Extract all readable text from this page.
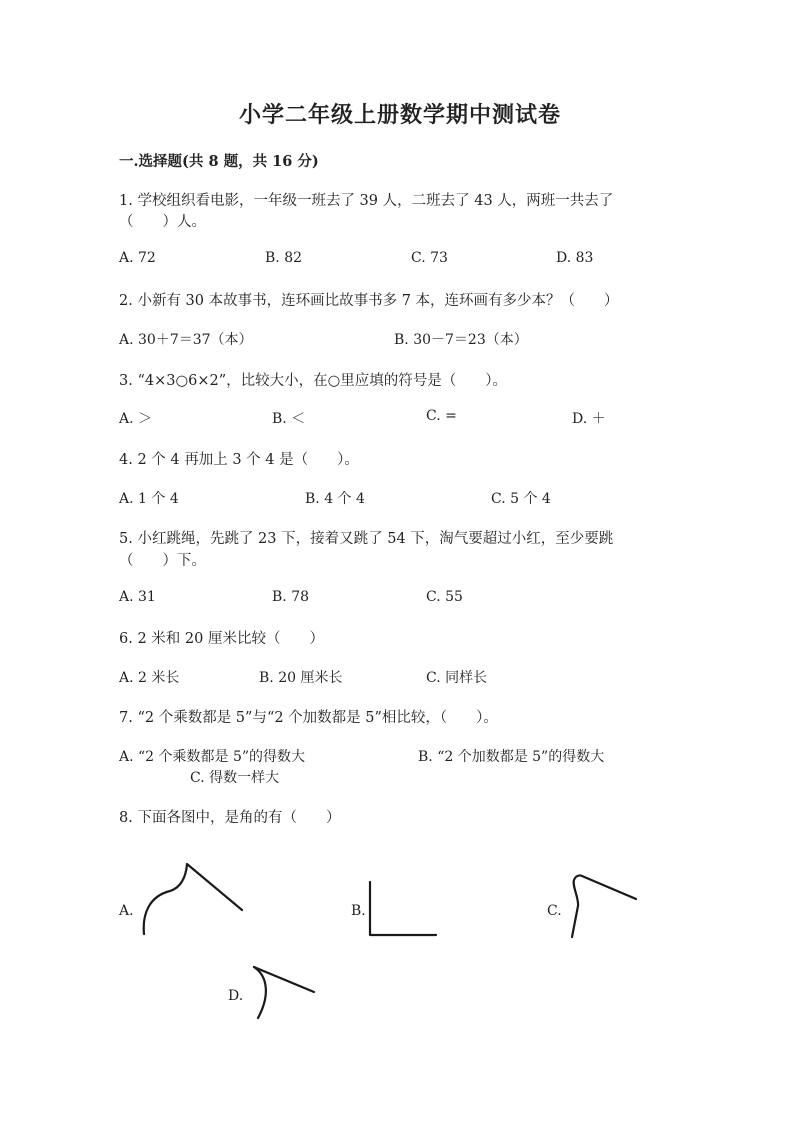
小学二年级上册数学期中测试卷
一.选择题(共 8 题，共 16 分)
1. 学校组织看电影，一年级一班去了 39 人，二班去了 43 人，两班一共去了
（　　）人。
A. 72	B. 82	C. 73	D. 83
2. 小新有 30 本故事书，连环画比故事书多 7 本，连环画有多少本？（　　）
A. 30＋7＝37（本）	B. 30－7＝23（本）
3. “4×3○6×2”，比较大小，在○里应填的符号是（　　）。
A. ＞	B. ＜	C. =	D. ＋
4. 2 个 4 再加上 3 个 4 是（　　）。
A. 1 个 4	B. 4 个 4	C. 5 个 4
5. 小红跳绳，先跳了 23 下，接着又跳了 54 下，淘气要超过小红，至少要跳
（　　）下。
A. 31	B. 78	C. 55
6. 2 米和 20 厘米比较（　　）
A. 2 米长	B. 20 厘米长	C. 同样长
7. “2 个乘数都是 5”与“2 个加数都是 5”相比较，（　　）。
A. “2 个乘数都是 5”的得数大	B. “2 个加数都是 5”的得数大
C. 得数一样大
8. 下面各图中，是角的有（　　）
A.	B.	C.
D.
